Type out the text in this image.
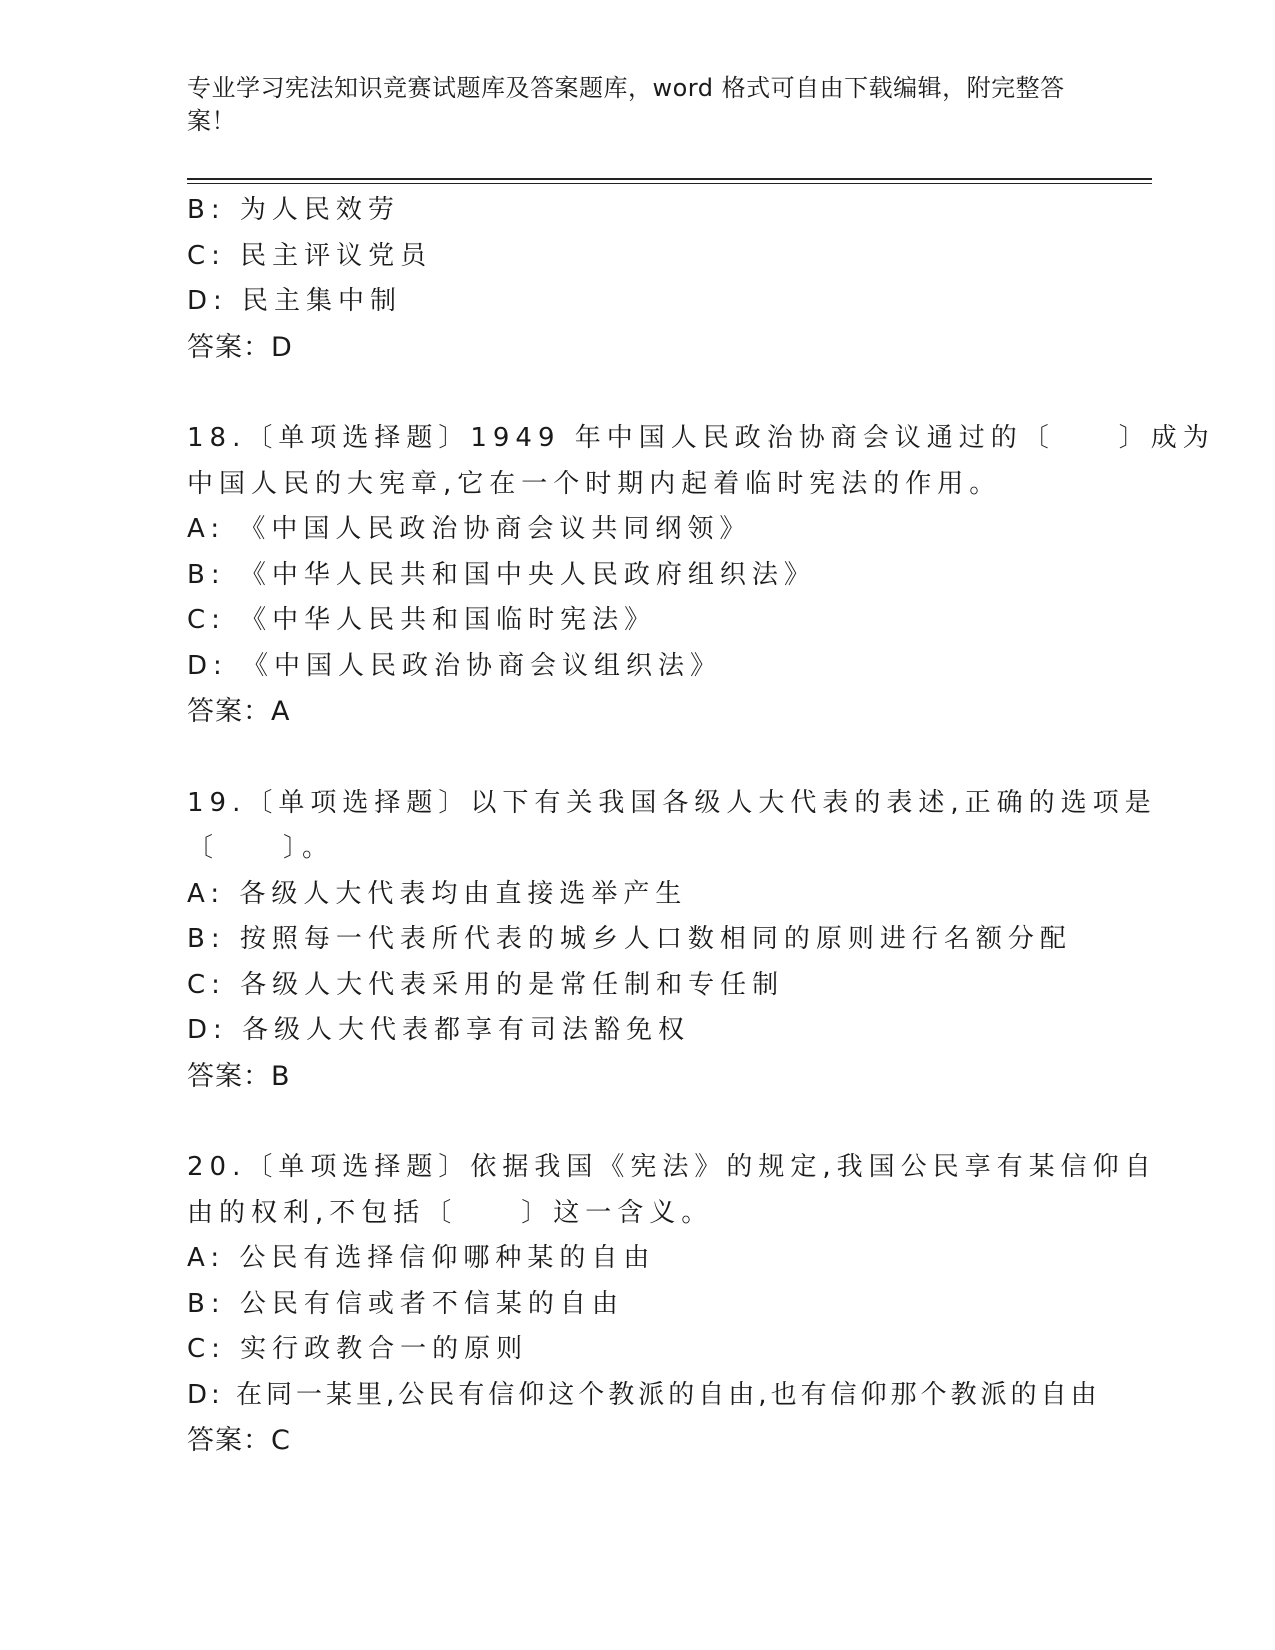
专业学习宪法知识竞赛试题库及答案题库，word 格式可自由下载编辑，附完整答
案！
B: 为人民效劳
C: 民主评议党员
D: 民主集中制
答案：D
18.〔单项选择题〕1949 年中国人民政治协商会议通过的〔　　〕成为
中国人民的大宪章,它在一个时期内起着临时宪法的作用。
A: 《中国人民政治协商会议共同纲领》
B: 《中华人民共和国中央人民政府组织法》
C: 《中华人民共和国临时宪法》
D: 《中国人民政治协商会议组织法》
答案：A
19.〔单项选择题〕以下有关我国各级人大代表的表述,正确的选项是
〔　　〕。
A: 各级人大代表均由直接选举产生
B: 按照每一代表所代表的城乡人口数相同的原则进行名额分配
C: 各级人大代表采用的是常任制和专任制
D: 各级人大代表都享有司法豁免权
答案：B
20.〔单项选择题〕依据我国《宪法》的规定,我国公民享有某信仰自
由的权利,不包括〔　　〕这一含义。
A: 公民有选择信仰哪种某的自由
B: 公民有信或者不信某的自由
C: 实行政教合一的原则
D: 在同一某里,公民有信仰这个教派的自由,也有信仰那个教派的自由
答案：C
